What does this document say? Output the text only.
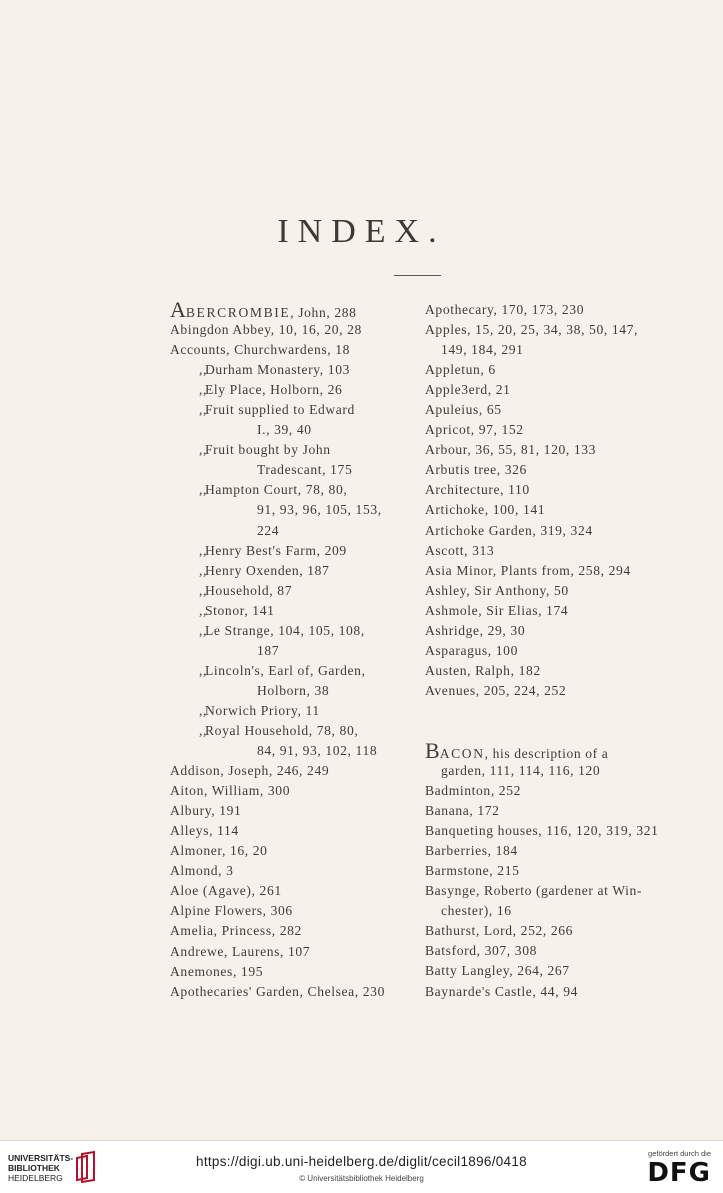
INDEX.
ABERCROMBIE, John, 288
Abingdon Abbey, 10, 16, 20, 28
Accounts, Churchwardens, 18
,,Durham Monastery, 103
,,Ely Place, Holborn, 26
,,Fruit supplied to Edward
I., 39, 40
,,Fruit bought by John
Tradescant, 175
,,Hampton Court, 78, 80,
91, 93, 96, 105, 153,
224
,,Henry Best's Farm, 209
,,Henry Oxenden, 187
,,Household, 87
,,Stonor, 141
,,Le Strange, 104, 105, 108,
187
,,Lincoln's, Earl of, Garden,
Holborn, 38
,,Norwich Priory, 11
,,Royal Household, 78, 80,
84, 91, 93, 102, 118
Addison, Joseph, 246, 249
Aiton, William, 300
Albury, 191
Alleys, 114
Almoner, 16, 20
Almond, 3
Aloe (Agave), 261
Alpine Flowers, 306
Amelia, Princess, 282
Andrewe, Laurens, 107
Anemones, 195
Apothecaries' Garden, Chelsea, 230
Apothecary, 170, 173, 230
Apples, 15, 20, 25, 34, 38, 50, 147,
149, 184, 291
Appletun, 6
Apple3erd, 21
Apuleius, 65
Apricot, 97, 152
Arbour, 36, 55, 81, 120, 133
Arbutis tree, 326
Architecture, 110
Artichoke, 100, 141
Artichoke Garden, 319, 324
Ascott, 313
Asia Minor, Plants from, 258, 294
Ashley, Sir Anthony, 50
Ashmole, Sir Elias, 174
Ashridge, 29, 30
Asparagus, 100
Austen, Ralph, 182
Avenues, 205, 224, 252
BACON, his description of a
garden, 111, 114, 116, 120
Badminton, 252
Banana, 172
Banqueting houses, 116, 120, 319, 321
Barberries, 184
Barmstone, 215
Basynge, Roberto (gardener at Win-
chester), 16
Bathurst, Lord, 252, 266
Batsford, 307, 308
Batty Langley, 264, 267
Baynarde's Castle, 44, 94
UNIVERSITÄTS-
BIBLIOTHEK
HEIDELBERG
https://digi.ub.uni-heidelberg.de/diglit/cecil1896/0418
© Universitätsbibliothek Heidelberg
gefördert durch die
DFG
